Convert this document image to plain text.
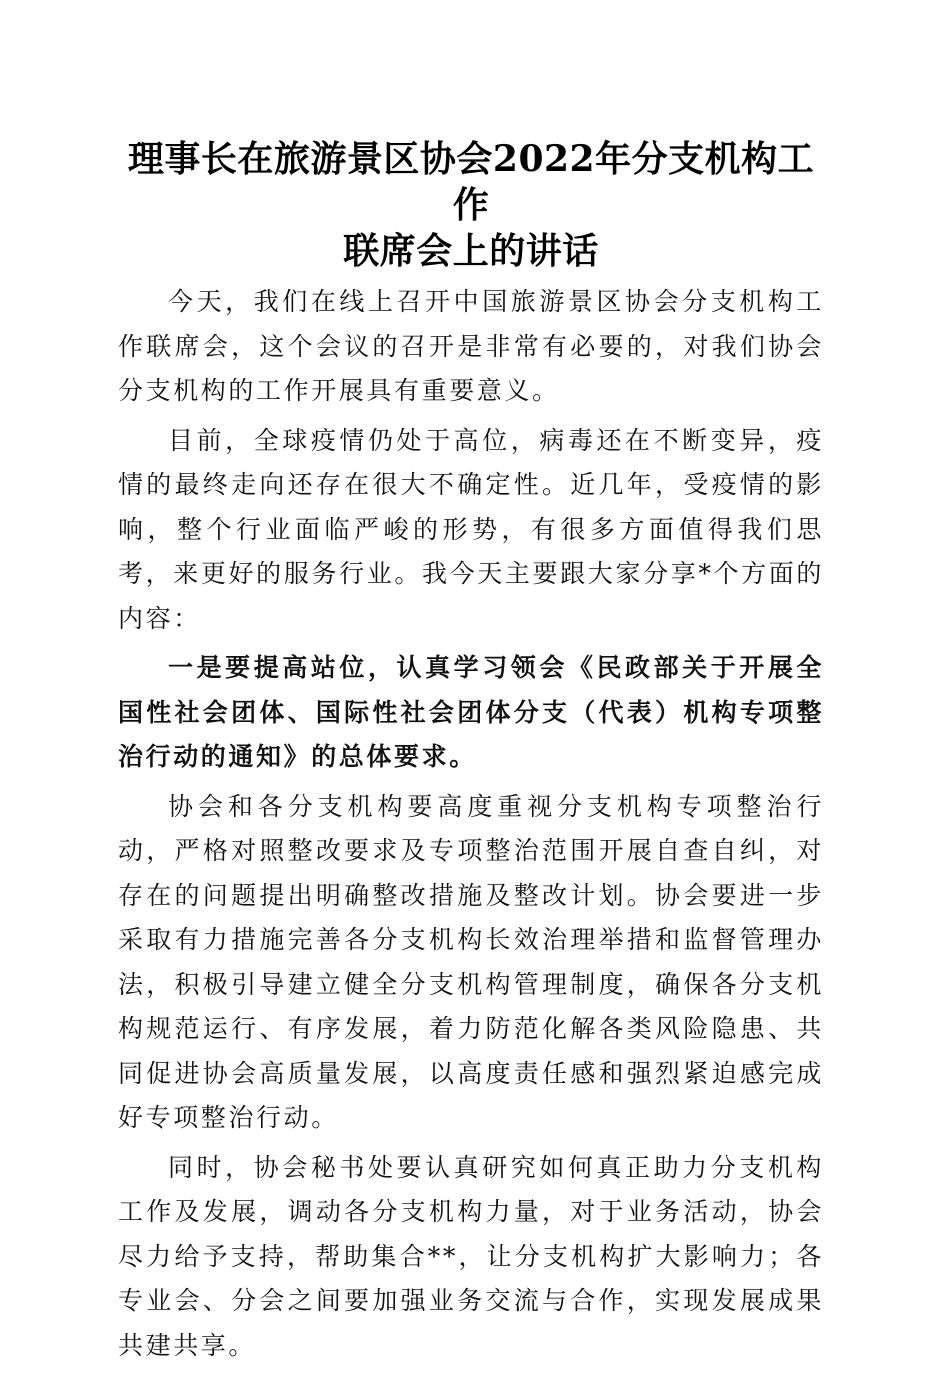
理事长在旅游景区协会2022年分支机构工作
联席会上的讲话

今天，我们在线上召开中国旅游景区协会分支机构工作联席会，这个会议的召开是非常有必要的，对我们协会分支机构的工作开展具有重要意义。

目前，全球疫情仍处于高位，病毒还在不断变异，疫情的最终走向还存在很大不确定性。近几年，受疫情的影响，整个行业面临严峻的形势，有很多方面值得我们思考，来更好的服务行业。我今天主要跟大家分享*个方面的内容：

一是要提高站位，认真学习领会《民政部关于开展全国性社会团体、国际性社会团体分支（代表）机构专项整治行动的通知》的总体要求。

协会和各分支机构要高度重视分支机构专项整治行动，严格对照整改要求及专项整治范围开展自查自纠，对存在的问题提出明确整改措施及整改计划。协会要进一步采取有力措施完善各分支机构长效治理举措和监督管理办法，积极引导建立健全分支机构管理制度，确保各分支机构规范运行、有序发展，着力防范化解各类风险隐患、共同促进协会高质量发展，以高度责任感和强烈紧迫感完成好专项整治行动。

同时，协会秘书处要认真研究如何真正助力分支机构工作及发展，调动各分支机构力量，对于业务活动，协会尽力给予支持，帮助集合**，让分支机构扩大影响力；各专业会、分会之间要加强业务交流与合作，实现发展成果共建共享。
